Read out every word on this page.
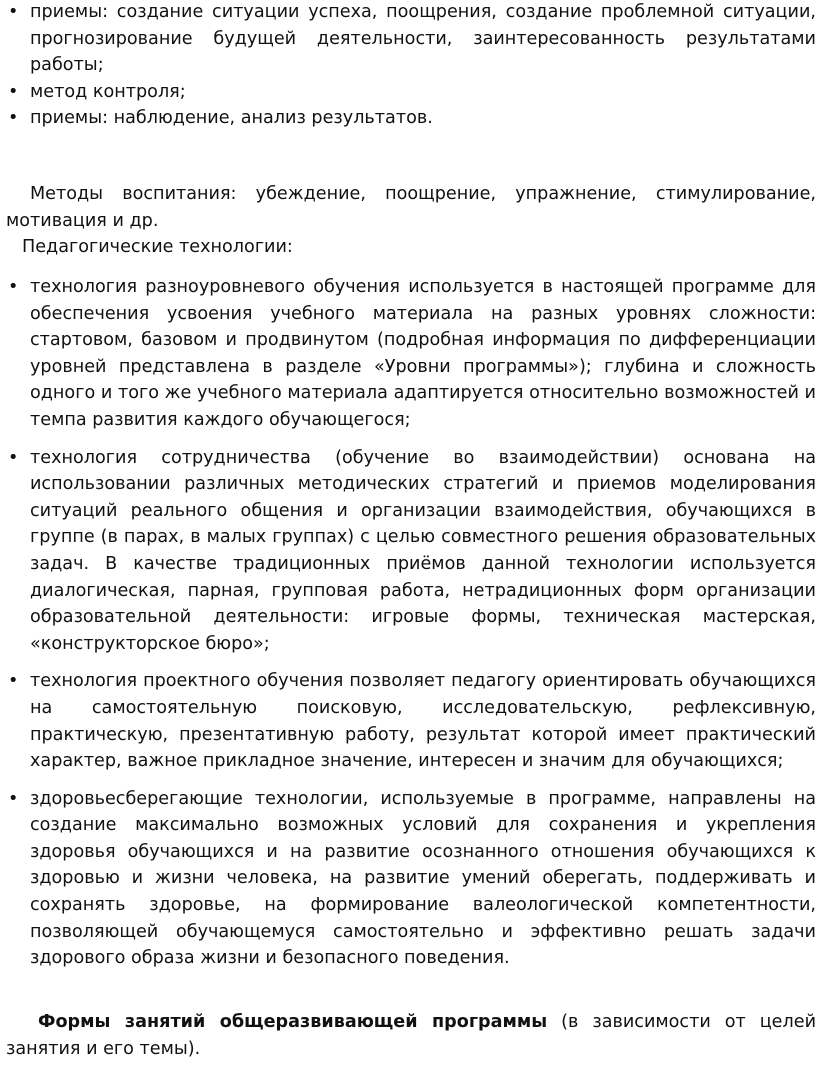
• приемы: создание ситуации успеха, поощрения, создание проблемной ситуации, прогнозирование будущей деятельности, заинтересованность результатами работы;
• метод контроля;
• приемы: наблюдение, анализ результатов.
Методы воспитания: убеждение, поощрение, упражнение, стимулирование, мотивация и др.
Педагогические технологии:
• технология разноуровневого обучения используется в настоящей программе для обеспечения усвоения учебного материала на разных уровнях сложности: стартовом, базовом и продвинутом (подробная информация по дифференциации уровней представлена в разделе «Уровни программы»); глубина и сложность одного и того же учебного материала адаптируется относительно возможностей и темпа развития каждого обучающегося;
• технология сотрудничества (обучение во взаимодействии) основана на использовании различных методических стратегий и приемов моделирования ситуаций реального общения и организации взаимодействия, обучающихся в группе (в парах, в малых группах) с целью совместного решения образовательных задач. В качестве традиционных приёмов данной технологии используется диалогическая, парная, групповая работа, нетрадиционных форм организации образовательной деятельности: игровые формы, техническая мастерская, «конструкторское бюро»;
• технология проектного обучения позволяет педагогу ориентировать обучающихся на самостоятельную поисковую, исследовательскую, рефлексивную, практическую, презентативную работу, результат которой имеет практический характер, важное прикладное значение, интересен и значим для обучающихся;
• здоровьесберегающие технологии, используемые в программе, направлены на создание максимально возможных условий для сохранения и укрепления здоровья обучающихся и на развитие осознанного отношения обучающихся к здоровью и жизни человека, на развитие умений оберегать, поддерживать и сохранять здоровье, на формирование валеологической компетентности, позволяющей обучающемуся самостоятельно и эффективно решать задачи здорового образа жизни и безопасного поведения.
Формы занятий общеразвивающей программы (в зависимости от целей занятия и его темы).
